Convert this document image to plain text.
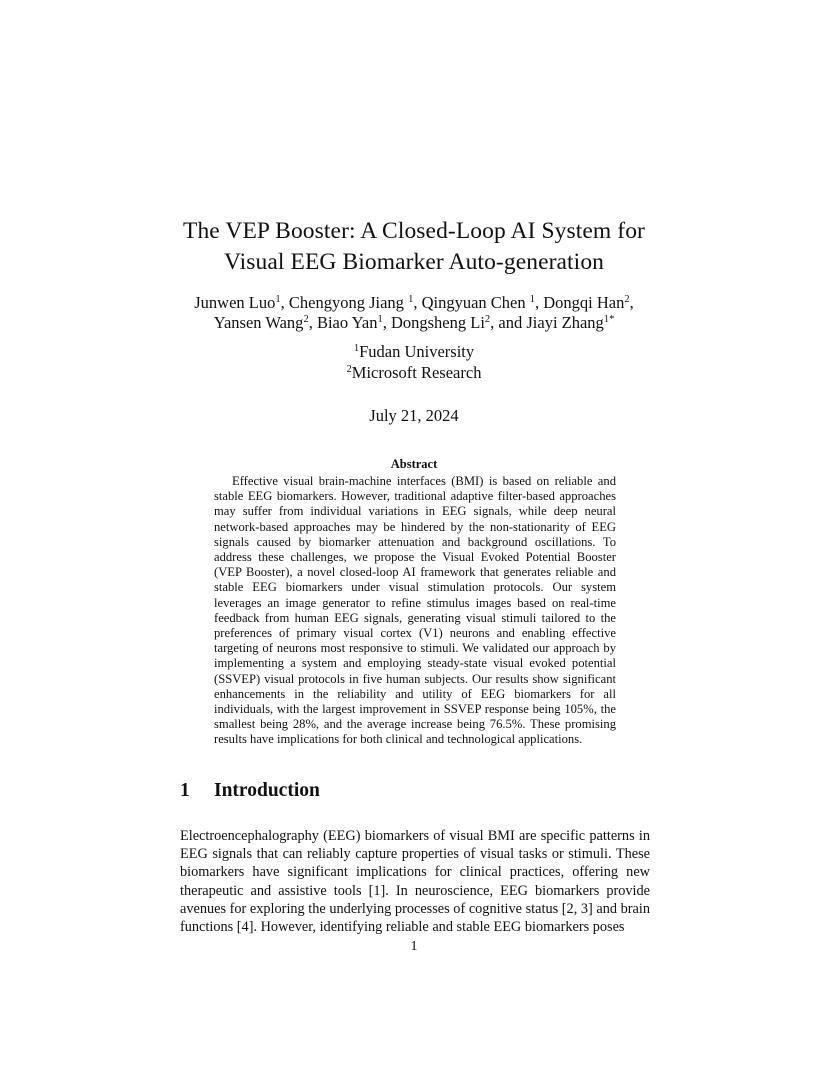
The VEP Booster: A Closed-Loop AI System for
Visual EEG Biomarker Auto-generation
Junwen Luo$^1$, Chengyong Jiang $^1$, Qingyuan Chen $^1$, Dongqi Han$^2$,
Yansen Wang$^2$, Biao Yan$^1$, Dongsheng Li$^2$, and Jiayi Zhang$^{1*}$
$^1$Fudan University
$^2$Microsoft Research
July 21, 2024
Abstract
Effective visual brain-machine interfaces (BMI) is based on reliable and stable EEG biomarkers. However, traditional adaptive filter-based approaches may suffer from individual variations in EEG signals, while deep neural network-based approaches may be hindered by the non-stationarity of EEG signals caused by biomarker attenuation and background oscillations. To address these challenges, we propose the Visual Evoked Potential Booster (VEP Booster), a novel closed-loop AI framework that generates reliable and stable EEG biomarkers under visual stimulation protocols. Our system leverages an image generator to refine stimulus images based on real-time feedback from human EEG signals, generating visual stimuli tailored to the preferences of primary visual cortex (V1) neurons and enabling effective targeting of neurons most responsive to stimuli. We validated our approach by implementing a system and employing steady-state visual evoked potential (SSVEP) visual protocols in five human subjects. Our results show significant enhancements in the reliability and utility of EEG biomarkers for all individuals, with the largest improvement in SSVEP response being 105%, the smallest being 28%, and the average increase being 76.5%. These promising results have implications for both clinical and technological applications.
1 Introduction
Electroencephalography (EEG) biomarkers of visual BMI are specific patterns in EEG signals that can reliably capture properties of visual tasks or stimuli. These biomarkers have significant implications for clinical practices, offering new therapeutic and assistive tools [1]. In neuroscience, EEG biomarkers provide avenues for exploring the underlying processes of cognitive status [2, 3] and brain functions [4]. However, identifying reliable and stable EEG biomarkers poses
1
